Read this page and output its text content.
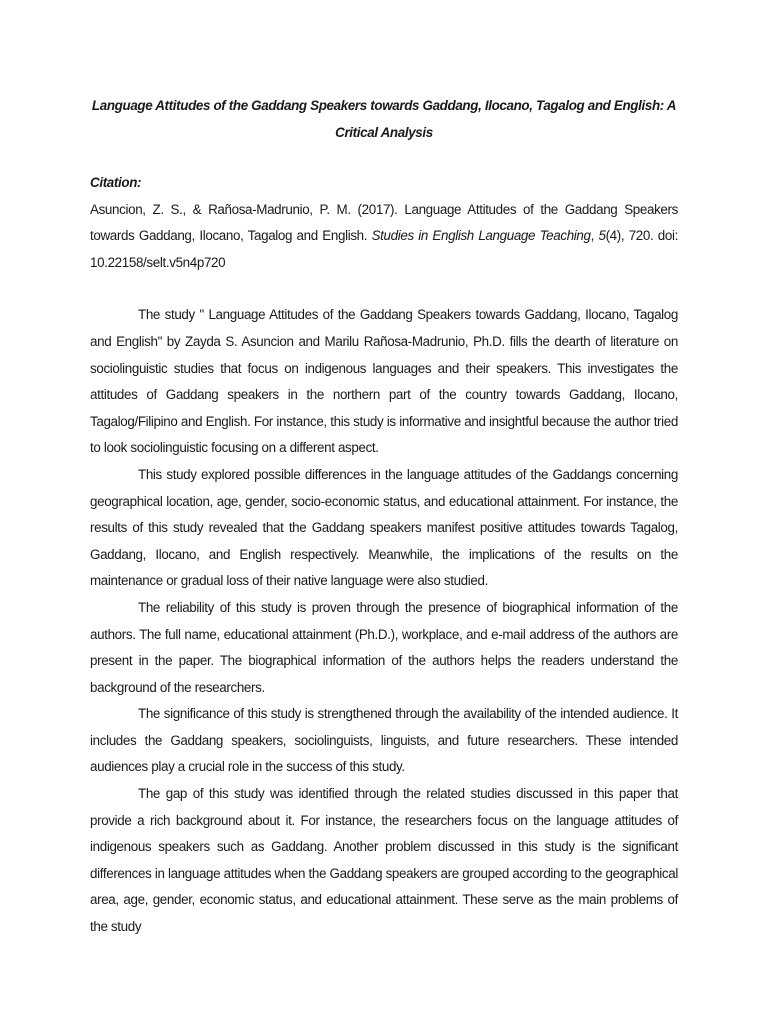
Language Attitudes of the Gaddang Speakers towards Gaddang, Ilocano, Tagalog and English: A Critical Analysis

Citation:

Asuncion, Z. S., & Rañosa-Madrunio, P. M. (2017). Language Attitudes of the Gaddang Speakers towards Gaddang, Ilocano, Tagalog and English. Studies in English Language Teaching, 5(4), 720. doi: 10.22158/selt.v5n4p720

The study " Language Attitudes of the Gaddang Speakers towards Gaddang, Ilocano, Tagalog and English" by Zayda S. Asuncion and Marilu Rañosa-Madrunio, Ph.D. fills the dearth of literature on sociolinguistic studies that focus on indigenous languages and their speakers. This investigates the attitudes of Gaddang speakers in the northern part of the country towards Gaddang, Ilocano, Tagalog/Filipino and English. For instance, this study is informative and insightful because the author tried to look sociolinguistic focusing on a different aspect.

This study explored possible differences in the language attitudes of the Gaddangs concerning geographical location, age, gender, socio-economic status, and educational attainment. For instance, the results of this study revealed that the Gaddang speakers manifest positive attitudes towards Tagalog, Gaddang, Ilocano, and English respectively. Meanwhile, the implications of the results on the maintenance or gradual loss of their native language were also studied.

The reliability of this study is proven through the presence of biographical information of the authors. The full name, educational attainment (Ph.D.), workplace, and e-mail address of the authors are present in the paper. The biographical information of the authors helps the readers understand the background of the researchers.

The significance of this study is strengthened through the availability of the intended audience. It includes the Gaddang speakers, sociolinguists, linguists, and future researchers. These intended audiences play a crucial role in the success of this study.

The gap of this study was identified through the related studies discussed in this paper that provide a rich background about it. For instance, the researchers focus on the language attitudes of indigenous speakers such as Gaddang. Another problem discussed in this study is the significant differences in language attitudes when the Gaddang speakers are grouped according to the geographical area, age, gender, economic status, and educational attainment. These serve as the main problems of the study
